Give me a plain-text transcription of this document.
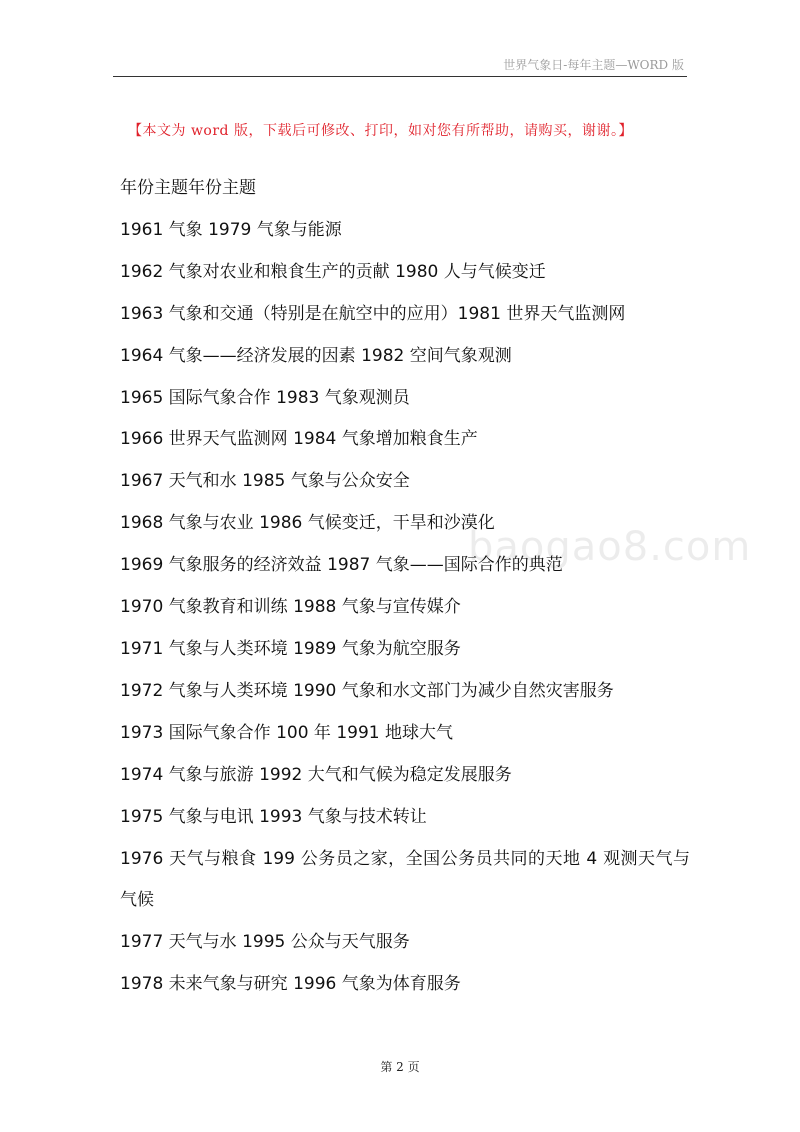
世界气象日-每年主题—WORD 版
【本文为 word 版，下载后可修改、打印，如对您有所帮助，请购买，谢谢。】
baogao8.com
年份主题年份主题
1961 气象 1979 气象与能源
1962 气象对农业和粮食生产的贡献 1980 人与气候变迁
1963 气象和交通（特别是在航空中的应用）1981 世界天气监测网
1964 气象——经济发展的因素 1982 空间气象观测
1965 国际气象合作 1983 气象观测员
1966 世界天气监测网 1984 气象增加粮食生产
1967 天气和水 1985 气象与公众安全
1968 气象与农业 1986 气候变迁，干旱和沙漠化
1969 气象服务的经济效益 1987 气象——国际合作的典范
1970 气象教育和训练 1988 气象与宣传媒介
1971 气象与人类环境 1989 气象为航空服务
1972 气象与人类环境 1990 气象和水文部门为减少自然灾害服务
1973 国际气象合作 100 年 1991 地球大气
1974 气象与旅游 1992 大气和气候为稳定发展服务
1975 气象与电讯 1993 气象与技术转让
1976 天气与粮食 199 公务员之家，全国公务员共同的天地 4 观测天气与气候
1977 天气与水 1995 公众与天气服务
1978 未来气象与研究 1996 气象为体育服务
第 2 页
